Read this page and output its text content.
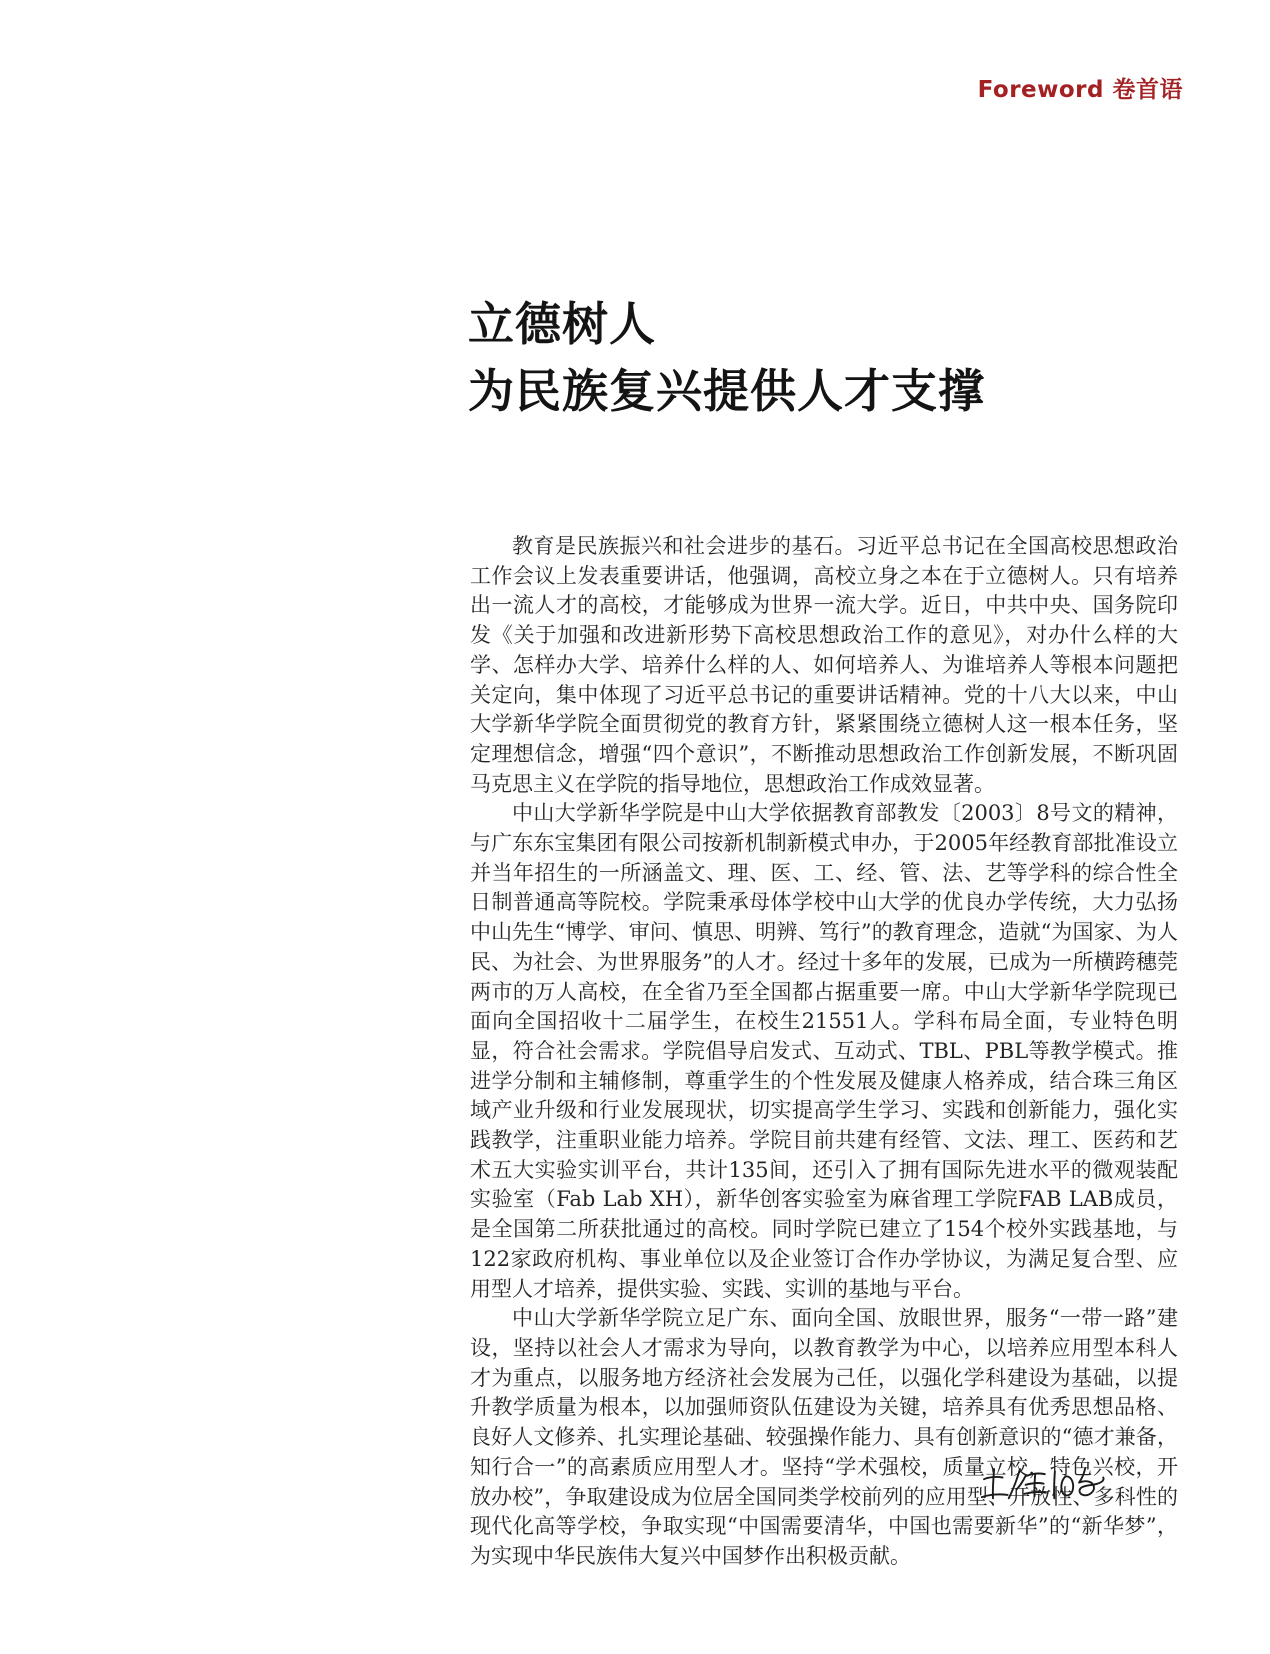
Foreword 卷首语
立德树人
为民族复兴提供人才支撑

教育是民族振兴和社会进步的基石。习近平总书记在全国高校思想政治工作会议上发表重要讲话，他强调，高校立身之本在于立德树人。只有培养出一流人才的高校，才能够成为世界一流大学。近日，中共中央、国务院印发《关于加强和改进新形势下高校思想政治工作的意见》，对办什么样的大学、怎样办大学、培养什么样的人、如何培养人、为谁培养人等根本问题把关定向，集中体现了习近平总书记的重要讲话精神。党的十八大以来，中山大学新华学院全面贯彻党的教育方针，紧紧围绕立德树人这一根本任务，坚定理想信念，增强“四个意识”，不断推动思想政治工作创新发展，不断巩固马克思主义在学院的指导地位，思想政治工作成效显著。

中山大学新华学院是中山大学依据教育部教发〔2003〕8号文的精神，与广东东宝集团有限公司按新机制新模式申办，于2005年经教育部批准设立并当年招生的一所涵盖文、理、医、工、经、管、法、艺等学科的综合性全日制普通高等院校。学院秉承母体学校中山大学的优良办学传统，大力弘扬中山先生“博学、审问、慎思、明辨、笃行”的教育理念，造就“为国家、为人民、为社会、为世界服务”的人才。经过十多年的发展，已成为一所横跨穗莞两市的万人高校，在全省乃至全国都占据重要一席。中山大学新华学院现已面向全国招收十二届学生，在校生21551人。学科布局全面，专业特色明显，符合社会需求。学院倡导启发式、互动式、TBL、PBL等教学模式。推进学分制和主辅修制，尊重学生的个性发展及健康人格养成，结合珠三角区域产业升级和行业发展现状，切实提高学生学习、实践和创新能力，强化实践教学，注重职业能力培养。学院目前共建有经管、文法、理工、医药和艺术五大实验实训平台，共计135间，还引入了拥有国际先进水平的微观装配实验室（Fab Lab XH），新华创客实验室为麻省理工学院FAB LAB成员，是全国第二所获批通过的高校。同时学院已建立了154个校外实践基地，与122家政府机构、事业单位以及企业签订合作办学协议，为满足复合型、应用型人才培养，提供实验、实践、实训的基地与平台。

中山大学新华学院立足广东、面向全国、放眼世界，服务“一带一路”建设，坚持以社会人才需求为导向，以教育教学为中心，以培养应用型本科人才为重点，以服务地方经济社会发展为己任，以强化学科建设为基础，以提升教学质量为根本，以加强师资队伍建设为关键，培养具有优秀思想品格、良好人文修养、扎实理论基础、较强操作能力、具有创新意识的“德才兼备，知行合一”的高素质应用型人才。坚持“学术强校，质量立校，特色兴校，开放办校”，争取建设成为位居全国同类学校前列的应用型、开放性、多科性的现代化高等学校，争取实现“中国需要清华，中国也需要新华”的“新华梦”，为实现中华民族伟大复兴中国梦作出积极贡献。
